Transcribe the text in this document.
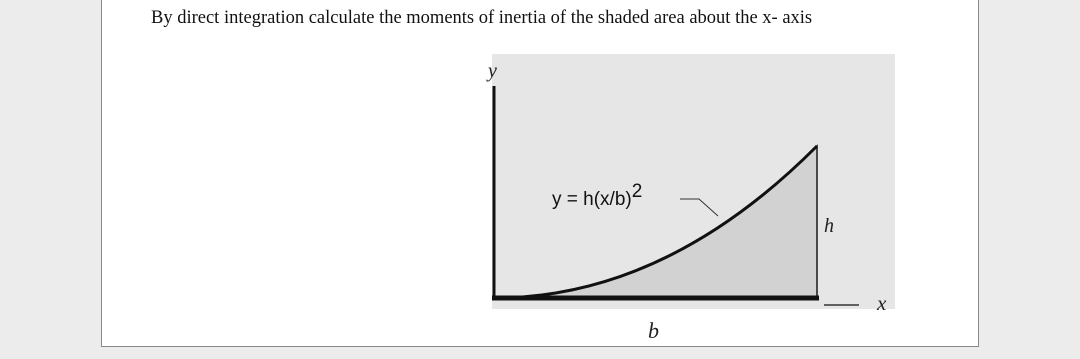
By direct integration calculate the moments of inertia of the shaded area about the x- axis
y
x
h
b
y = h(x/b)2
